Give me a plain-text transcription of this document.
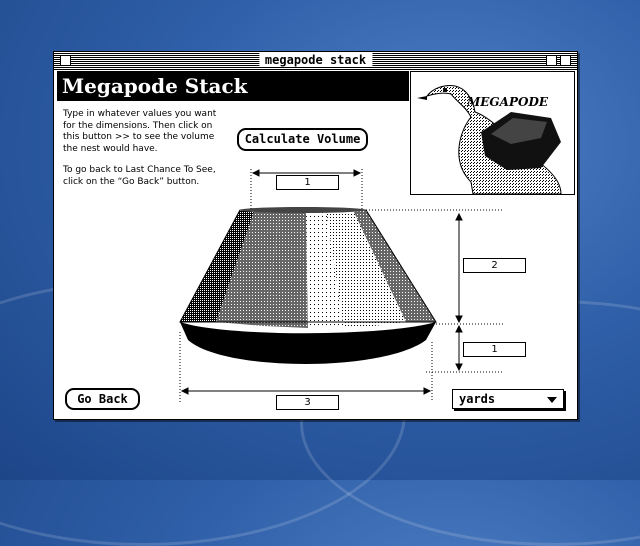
megapode stack
Megapode Stack

Type in whatever values you want for the dimensions. Then click on this button >> to see the volume the nest would have.

To go back to Last Chance To See, click on the “Go Back” button.

MEGAPODE
Calculate Volume
Go Back
1
2
1
3	yards
